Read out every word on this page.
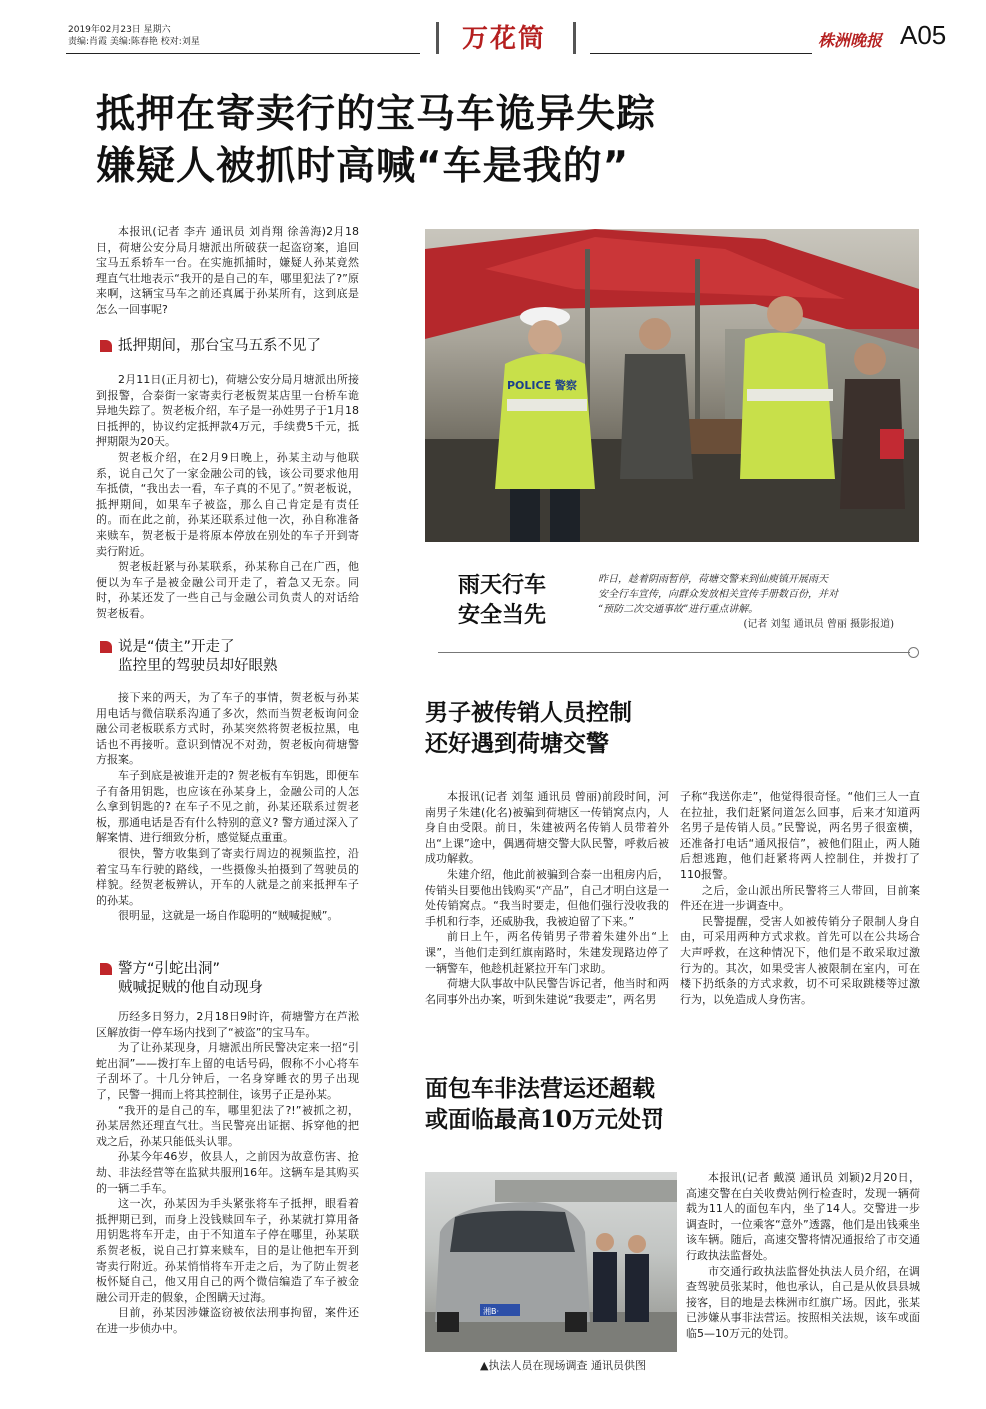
2019年02月23日 星期六
责编:肖霞 美编:陈春艳 校对:刘星	万花筒	株洲晚报 A05
抵押在寄卖行的宝马车诡异失踪
嫌疑人被抓时高喊“车是我的”

本报讯(记者 李卉 通讯员 刘肖翔 徐善海)2月18日，荷塘公安分局月塘派出所破获一起盗窃案，追回宝马五系轿车一台。在实施抓捕时，嫌疑人孙某竟然理直气壮地表示“我开的是自己的车，哪里犯法了?”原来啊，这辆宝马车之前还真属于孙某所有，这到底是怎么一回事呢?

抵押期间，那台宝马五系不见了

2月11日(正月初七)，荷塘公安分局月塘派出所接到报警，合泰街一家寄卖行老板贺某店里一台桥车诡异地失踪了。贺老板介绍，车子是一孙姓男子于1月18日抵押的，协议约定抵押款4万元，手续费5千元，抵押期限为20天。

贺老板介绍，在2月9日晚上，孙某主动与他联系，说自己欠了一家金融公司的钱，该公司要求他用车抵债，“我出去一看，车子真的不见了。”贺老板说，抵押期间，如果车子被盗，那么自己肯定是有责任的。而在此之前，孙某还联系过他一次，孙自称准备来赎车，贺老板于是将原本停放在别处的车子开到寄卖行附近。

贺老板赶紧与孙某联系，孙某称自己在广西，他便以为车子是被金融公司开走了，着急又无奈。同时，孙某还发了一些自己与金融公司负责人的对话给贺老板看。

说是“债主”开走了
监控里的驾驶员却好眼熟

接下来的两天，为了车子的事情，贺老板与孙某用电话与微信联系沟通了多次，然而当贺老板询问金融公司老板联系方式时，孙某突然将贺老板拉黑，电话也不再接听。意识到情况不对劲，贺老板向荷塘警方报案。

车子到底是被谁开走的? 贺老板有车钥匙，即便车子有备用钥匙，也应该在孙某身上，金融公司的人怎么拿到钥匙的? 在车子不见之前，孙某还联系过贺老板，那通电话是否有什么特别的意义? 警方通过深入了解案情、进行细致分析，感觉疑点重重。

很快，警方收集到了寄卖行周边的视频监控，沿着宝马车行驶的路线，一些摄像头拍摄到了驾驶员的样貌。经贺老板辨认，开车的人就是之前来抵押车子的孙某。

很明显，这就是一场自作聪明的“贼喊捉贼”。

警方“引蛇出洞”
贼喊捉贼的他自动现身

历经多日努力，2月18日9时许，荷塘警方在芦淞区解放街一停车场内找到了“被盗”的宝马车。

为了让孙某现身，月塘派出所民警决定来一招“引蛇出洞”——拨打车上留的电话号码，假称不小心将车子刮坏了。十几分钟后，一名身穿睡衣的男子出现了，民警一拥而上将其控制住，该男子正是孙某。

“我开的是自己的车，哪里犯法了?!”被抓之初，孙某居然还理直气壮。当民警亮出证据、拆穿他的把戏之后，孙某只能低头认罪。

孙某今年46岁，攸县人，之前因为故意伤害、抢劫、非法经营等在监狱共服刑16年。这辆车是其购买的一辆二手车。

这一次，孙某因为手头紧张将车子抵押，眼看着抵押期已到，而身上没钱赎回车子，孙某就打算用备用钥匙将车开走，由于不知道车子停在哪里，孙某联系贺老板，说自己打算来赎车，目的是让他把车开到寄卖行附近。孙某悄悄将车开走之后，为了防止贺老板怀疑自己，他又用自己的两个微信编造了车子被金融公司开走的假象，企图瞒天过海。

目前，孙某因涉嫌盗窃被依法刑事拘留，案件还在进一步侦办中。

POLICE 警察
雨天行车
安全当先
昨日，趁着阴雨暂停，荷塘交警来到仙庾镇开展雨天
安全行车宣传，向群众发放相关宣传手册数百份，并对
“预防二次交通事故”进行重点讲解。
(记者 刘玺 通讯员 曾丽 摄影报道)
男子被传销人员控制
还好遇到荷塘交警

本报讯(记者 刘玺 通讯员 曾丽)前段时间，河南男子朱建(化名)被骗到荷塘区一传销窝点内，人身自由受限。前日，朱建被两名传销人员带着外出“上课”途中，偶遇荷塘交警大队民警，呼救后被成功解救。

朱建介绍，他此前被骗到合泰一出租房内后，传销头目要他出钱购买“产品”，自己才明白这是一处传销窝点。“我当时要走，但他们强行没收我的手机和行李，还威胁我，我被迫留了下来。”

前日上午，两名传销男子带着朱建外出“上课”，当他们走到红旗南路时，朱建发现路边停了一辆警车，他趁机赶紧拉开车门求助。

荷塘大队事故中队民警告诉记者，他当时和两名同事外出办案，听到朱建说“我要走”，两名男

子称“我送你走”，他觉得很奇怪。“他们三人一直在拉扯，我们赶紧问道怎么回事，后来才知道两名男子是传销人员。”民警说，两名男子很蛮横，还准备打电话“通风报信”，被他们阻止，两人随后想逃跑，他们赶紧将两人控制住，并拨打了110报警。

之后，金山派出所民警将三人带回，目前案件还在进一步调查中。

民警提醒，受害人如被传销分子限制人身自由，可采用两种方式求救。首先可以在公共场合大声呼救，在这种情况下，他们是不敢采取过激行为的。其次，如果受害人被限制在室内，可在楼下扔纸条的方式求救，切不可采取跳楼等过激行为，以免造成人身伤害。

面包车非法营运还超载
或面临最高10万元处罚
湘B·
▲执法人员在现场调查 通讯员供图

本报讯(记者 戴漠 通讯员 刘颖)2月20日，高速交警在白关收费站例行检查时，发现一辆荷载为11人的面包车内，坐了14人。交警进一步调查时，一位乘客“意外”透露，他们是出钱乘坐该车辆。随后，高速交警将情况通报给了市交通行政执法监督处。

市交通行政执法监督处执法人员介绍，在调查驾驶员张某时，他也承认，自己是从攸县县城接客，目的地是去株洲市红旗广场。因此，张某已涉嫌从事非法营运。按照相关法规，该车或面临5—10万元的处罚。
